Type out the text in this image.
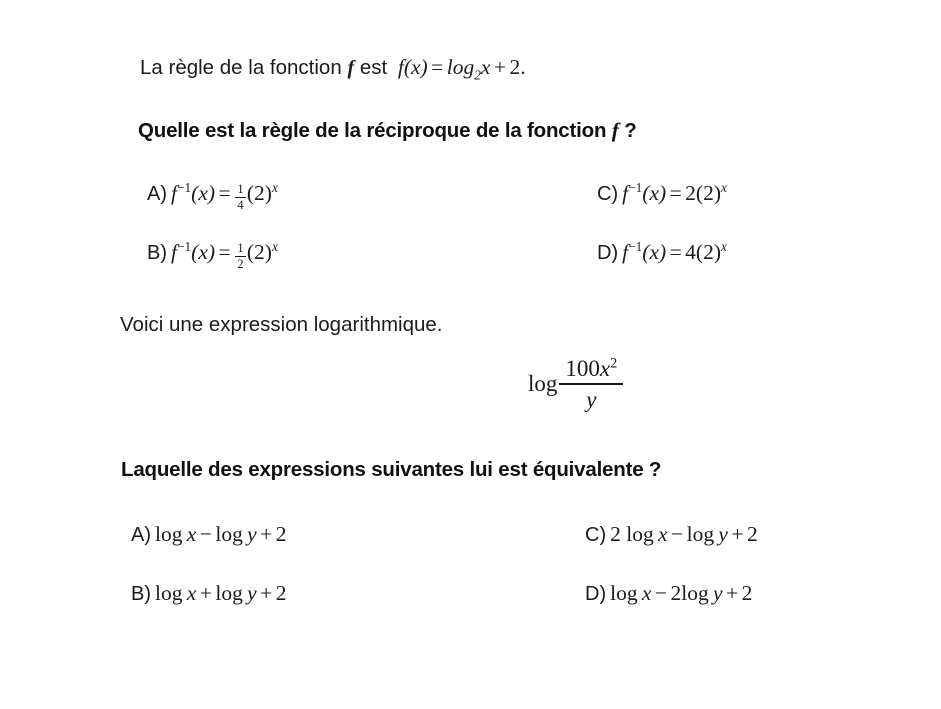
La règle de la fonction f est $f(x) = \log_2x + 2$.
Quelle est la règle de la réciproque de la fonction f ?
A) $f^{-1}(x) = \frac{1}{4} (2)^x$
B) $f^{-1}(x) = \frac{1}{2} (2)^x$
C) $f^{-1}(x) = 2(2)^x$
D) $f^{-1}(x) = 4(2)^x$
Voici une expression logarithmique.
$\log \frac{100x^2}{y}$
Laquelle des expressions suivantes lui est équivalente ?
A) log  x − log  y + 2
B) log  x + log  y + 2
C) 2 log  x − log  y + 2
D) log  x − 2log  y + 2
